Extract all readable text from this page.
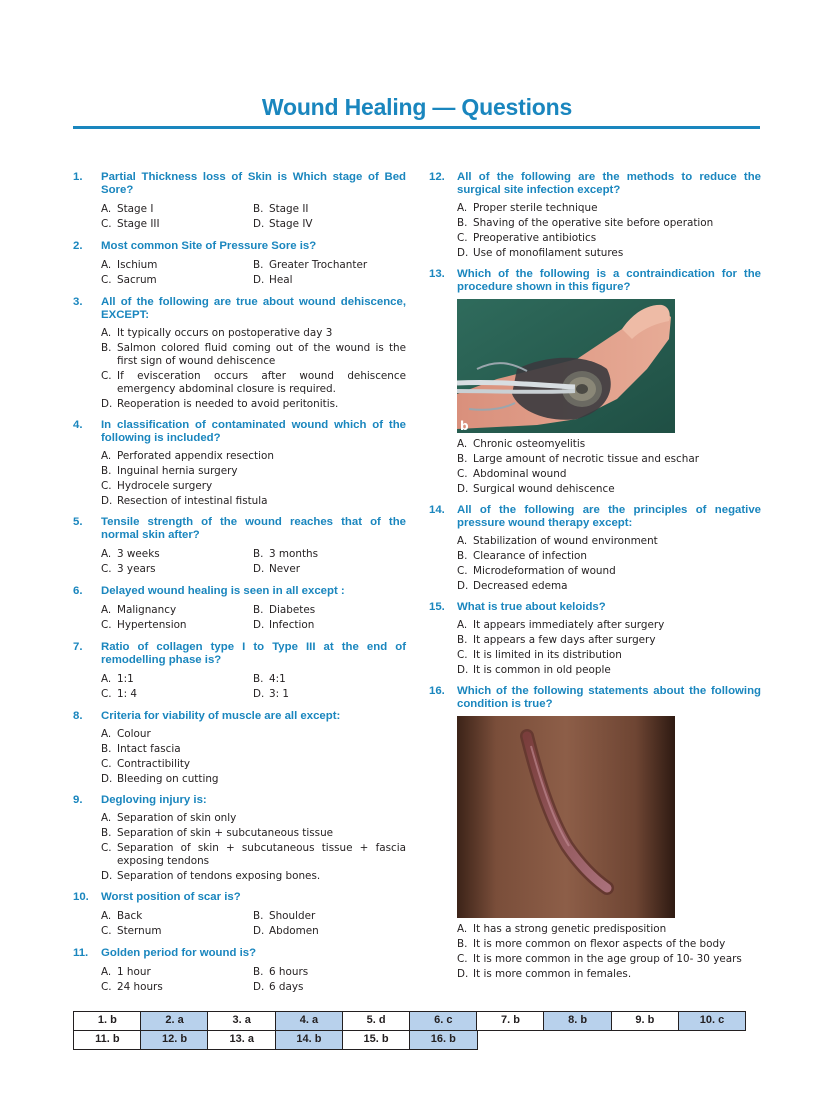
Wound Healing — Questions
1. Partial Thickness loss of Skin is Which stage of Bed Sore?
A. Stage I	B. Stage II
C. Stage III	D. Stage IV
2. Most common Site of Pressure Sore is?
A. Ischium	B. Greater Trochanter
C. Sacrum	D. Heal
3. All of the following are true about wound dehiscence, EXCEPT:
A. It typically occurs on postoperative day 3
B. Salmon colored fluid coming out of the wound is the first sign of wound dehiscence
C. If evisceration occurs after wound dehiscence emergency abdominal closure is required.
D. Reoperation is needed to avoid peritonitis.
4. In classification of contaminated wound which of the following is included?
A. Perforated appendix resection
B. Inguinal hernia surgery
C. Hydrocele surgery
D. Resection of intestinal fistula
5. Tensile strength of the wound reaches that of the normal skin after?
A. 3 weeks	B. 3 months
C. 3 years	D. Never
6. Delayed wound healing is seen in all except :
A. Malignancy	B. Diabetes
C. Hypertension	D. Infection
7. Ratio of collagen type I to Type III at the end of remodelling phase is?
A. 1:1	B. 4:1
C. 1: 4	D. 3: 1
8. Criteria for viability of muscle are all except:
A. Colour
B. Intact fascia
C. Contractibility
D. Bleeding on cutting
9. Degloving injury is:
A. Separation of skin only
B. Separation of skin + subcutaneous tissue
C. Separation of skin + subcutaneous tissue + fascia exposing tendons
D. Separation of tendons exposing bones.
10. Worst position of scar is?
A. Back	B. Shoulder
C. Sternum	D. Abdomen
11. Golden period for wound is?
A. 1 hour	B. 6 hours
C. 24 hours	D. 6 days
12. All of the following are the methods to reduce the surgical site infection except?
A. Proper sterile technique
B. Shaving of the operative site before operation
C. Preoperative antibiotics
D. Use of monofilament sutures
13. Which of the following is a contraindication for the procedure shown in this figure?
b
A. Chronic osteomyelitis
B. Large amount of necrotic tissue and eschar
C. Abdominal wound
D. Surgical wound dehiscence
14. All of the following are the principles of negative pressure wound therapy except:
A. Stabilization of wound environment
B. Clearance of infection
C. Microdeformation of wound
D. Decreased edema
15. What is true about keloids?
A. It appears immediately after surgery
B. It appears a few days after surgery
C. It is limited in its distribution
D. It is common in old people
16. Which of the following statements about the following condition is true?
A. It has a strong genetic predisposition
B. It is more common on flexor aspects of the body
C. It is more common in the age group of 10- 30 years
D. It is more common in females.
1. b	2. a	3. a	4. a	5. d	6. c	7. b	8. b	9. b	10. c
11. b	12. b	13. a	14. b	15. b	16. b
